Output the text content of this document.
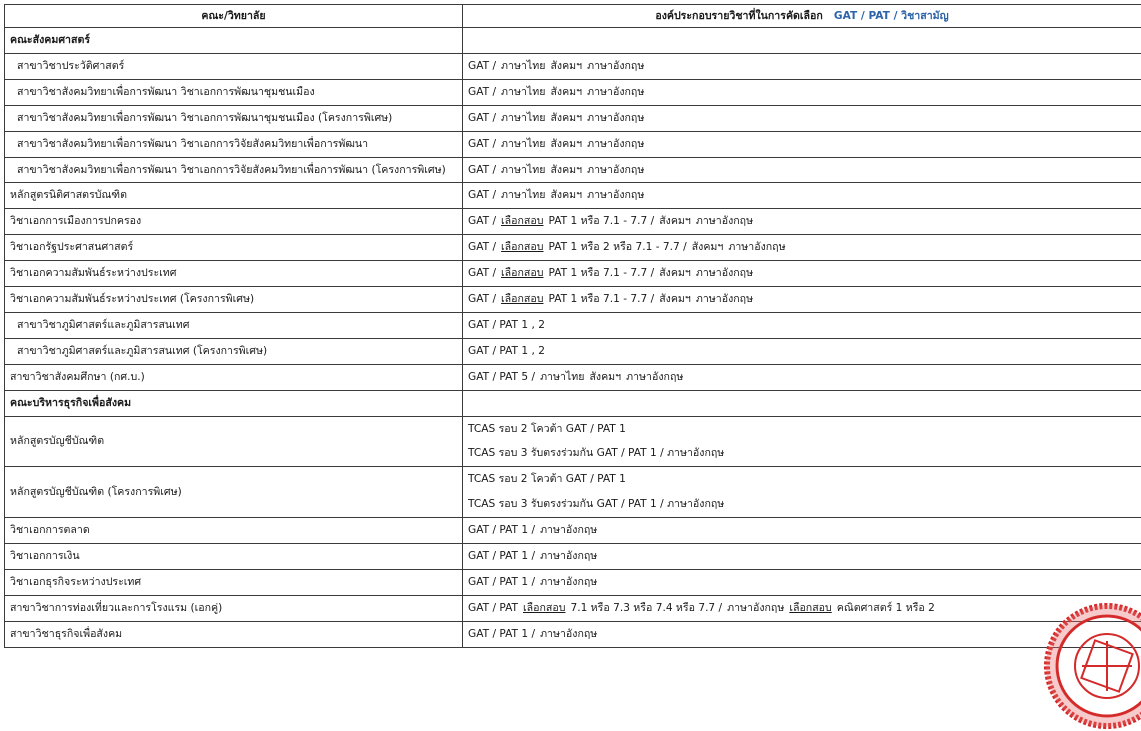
คณะ/วิทยาลัย	องค์ประกอบรายวิชาที่ในการคัดเลือก GAT / PAT / วิชาสามัญ
คณะสังคมศาสตร์	
สาขาวิชาประวัติศาสตร์	GAT / ภาษาไทย สังคมฯ ภาษาอังกฤษ
สาขาวิชาสังคมวิทยาเพื่อการพัฒนา วิชาเอกการพัฒนาชุมชนเมือง	GAT / ภาษาไทย สังคมฯ ภาษาอังกฤษ
สาขาวิชาสังคมวิทยาเพื่อการพัฒนา วิชาเอกการพัฒนาชุมชนเมือง (โครงการพิเศษ)	GAT / ภาษาไทย สังคมฯ ภาษาอังกฤษ
สาขาวิชาสังคมวิทยาเพื่อการพัฒนา วิชาเอกการวิจัยสังคมวิทยาเพื่อการพัฒนา	GAT / ภาษาไทย สังคมฯ ภาษาอังกฤษ
สาขาวิชาสังคมวิทยาเพื่อการพัฒนา วิชาเอกการวิจัยสังคมวิทยาเพื่อการพัฒนา (โครงการพิเศษ)	GAT / ภาษาไทย สังคมฯ ภาษาอังกฤษ
หลักสูตรนิติศาสตรบัณฑิต	GAT / ภาษาไทย สังคมฯ ภาษาอังกฤษ
วิชาเอกการเมืองการปกครอง	GAT / เลือกสอบ PAT 1 หรือ 7.1 - 7.7 / สังคมฯ ภาษาอังกฤษ
วิชาเอกรัฐประศาสนศาสตร์	GAT / เลือกสอบ PAT 1 หรือ 2 หรือ 7.1 - 7.7 / สังคมฯ ภาษาอังกฤษ
วิชาเอกความสัมพันธ์ระหว่างประเทศ	GAT / เลือกสอบ PAT 1 หรือ 7.1 - 7.7 / สังคมฯ ภาษาอังกฤษ
วิชาเอกความสัมพันธ์ระหว่างประเทศ (โครงการพิเศษ)	GAT / เลือกสอบ PAT 1 หรือ 7.1 - 7.7 / สังคมฯ ภาษาอังกฤษ
สาขาวิชาภูมิศาสตร์และภูมิสารสนเทศ	GAT / PAT 1 , 2
สาขาวิชาภูมิศาสตร์และภูมิสารสนเทศ (โครงการพิเศษ)	GAT / PAT 1 , 2
สาขาวิชาสังคมศึกษา (กศ.บ.)	GAT / PAT 5 / ภาษาไทย สังคมฯ ภาษาอังกฤษ
คณะบริหารธุรกิจเพื่อสังคม	
หลักสูตรบัญชีบัณฑิต	TCAS รอบ 2 โควต้า GAT / PAT 1
TCAS รอบ 3 รับตรงร่วมกัน GAT / PAT 1 / ภาษาอังกฤษ

หลักสูตรบัญชีบัณฑิต (โครงการพิเศษ)	TCAS รอบ 2 โควต้า GAT / PAT 1
TCAS รอบ 3 รับตรงร่วมกัน GAT / PAT 1 / ภาษาอังกฤษ

วิชาเอกการตลาด	GAT / PAT 1 / ภาษาอังกฤษ
วิชาเอกการเงิน	GAT / PAT 1 / ภาษาอังกฤษ
วิชาเอกธุรกิจระหว่างประเทศ	GAT / PAT 1 / ภาษาอังกฤษ
สาขาวิชาการท่องเที่ยวและการโรงแรม (เอกคู่)	GAT / PAT เลือกสอบ 7.1 หรือ 7.3 หรือ 7.4 หรือ 7.7 / ภาษาอังกฤษ เลือกสอบ คณิตศาสตร์ 1 หรือ 2
สาขาวิชาธุรกิจเพื่อสังคม	GAT / PAT 1 / ภาษาอังกฤษ
